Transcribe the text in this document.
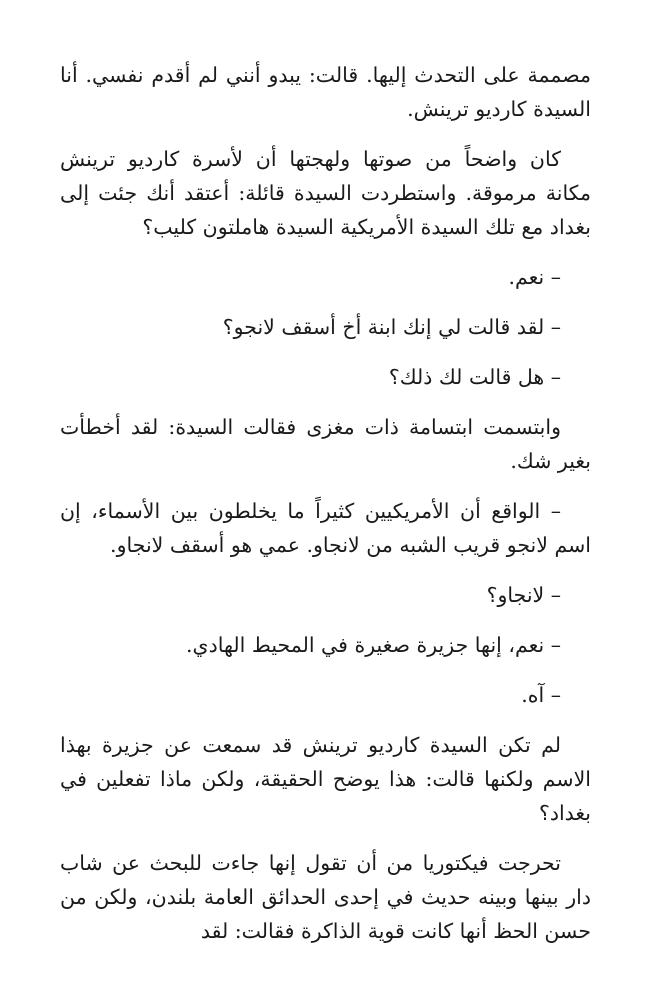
مصممة على التحدث إليها. قالت: يبدو أنني لم أقدم نفسي. أنا السيدة كارديو ترينش.

كان واضحاً من صوتها ولهجتها أن لأسرة كارديو ترينش مكانة مرموقة. واستطردت السيدة قائلة: أعتقد أنك جئت إلى بغداد مع تلك السيدة الأمريكية السيدة هاملتون كليب؟

– نعم.

– لقد قالت لي إنك ابنة أخ أسقف لانجو؟

– هل قالت لك ذلك؟

وابتسمت ابتسامة ذات مغزى فقالت السيدة: لقد أخطأت بغير شك.

– الواقع أن الأمريكيين كثيراً ما يخلطون بين الأسماء، إن اسم لانجو قريب الشبه من لانجاو. عمي هو أسقف لانجاو.

– لانجاو؟

– نعم، إنها جزيرة صغيرة في المحيط الهادي.

– آه.

لم تكن السيدة كارديو ترينش قد سمعت عن جزيرة بهذا الاسم ولكنها قالت: هذا يوضح الحقيقة، ولكن ماذا تفعلين في بغداد؟

تحرجت فيكتوريا من أن تقول إنها جاءت للبحث عن شاب دار بينها وبينه حديث في إحدى الحدائق العامة بلندن، ولكن من حسن الحظ أنها كانت قوية الذاكرة فقالت: لقد
